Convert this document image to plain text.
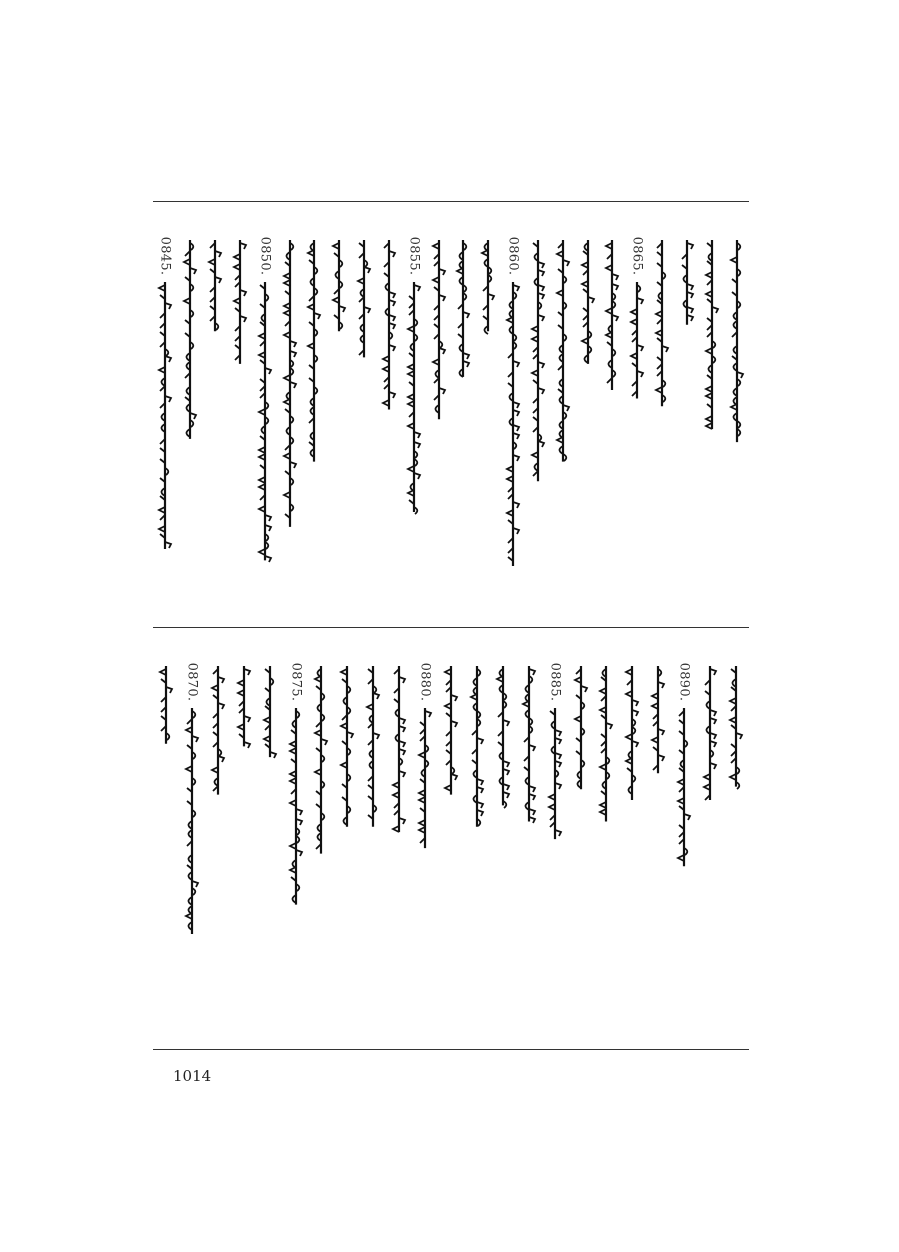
0845.	0850.	0855.	0860.	0865.
0870.	0875.	0880.	0885.	0890.
1014
